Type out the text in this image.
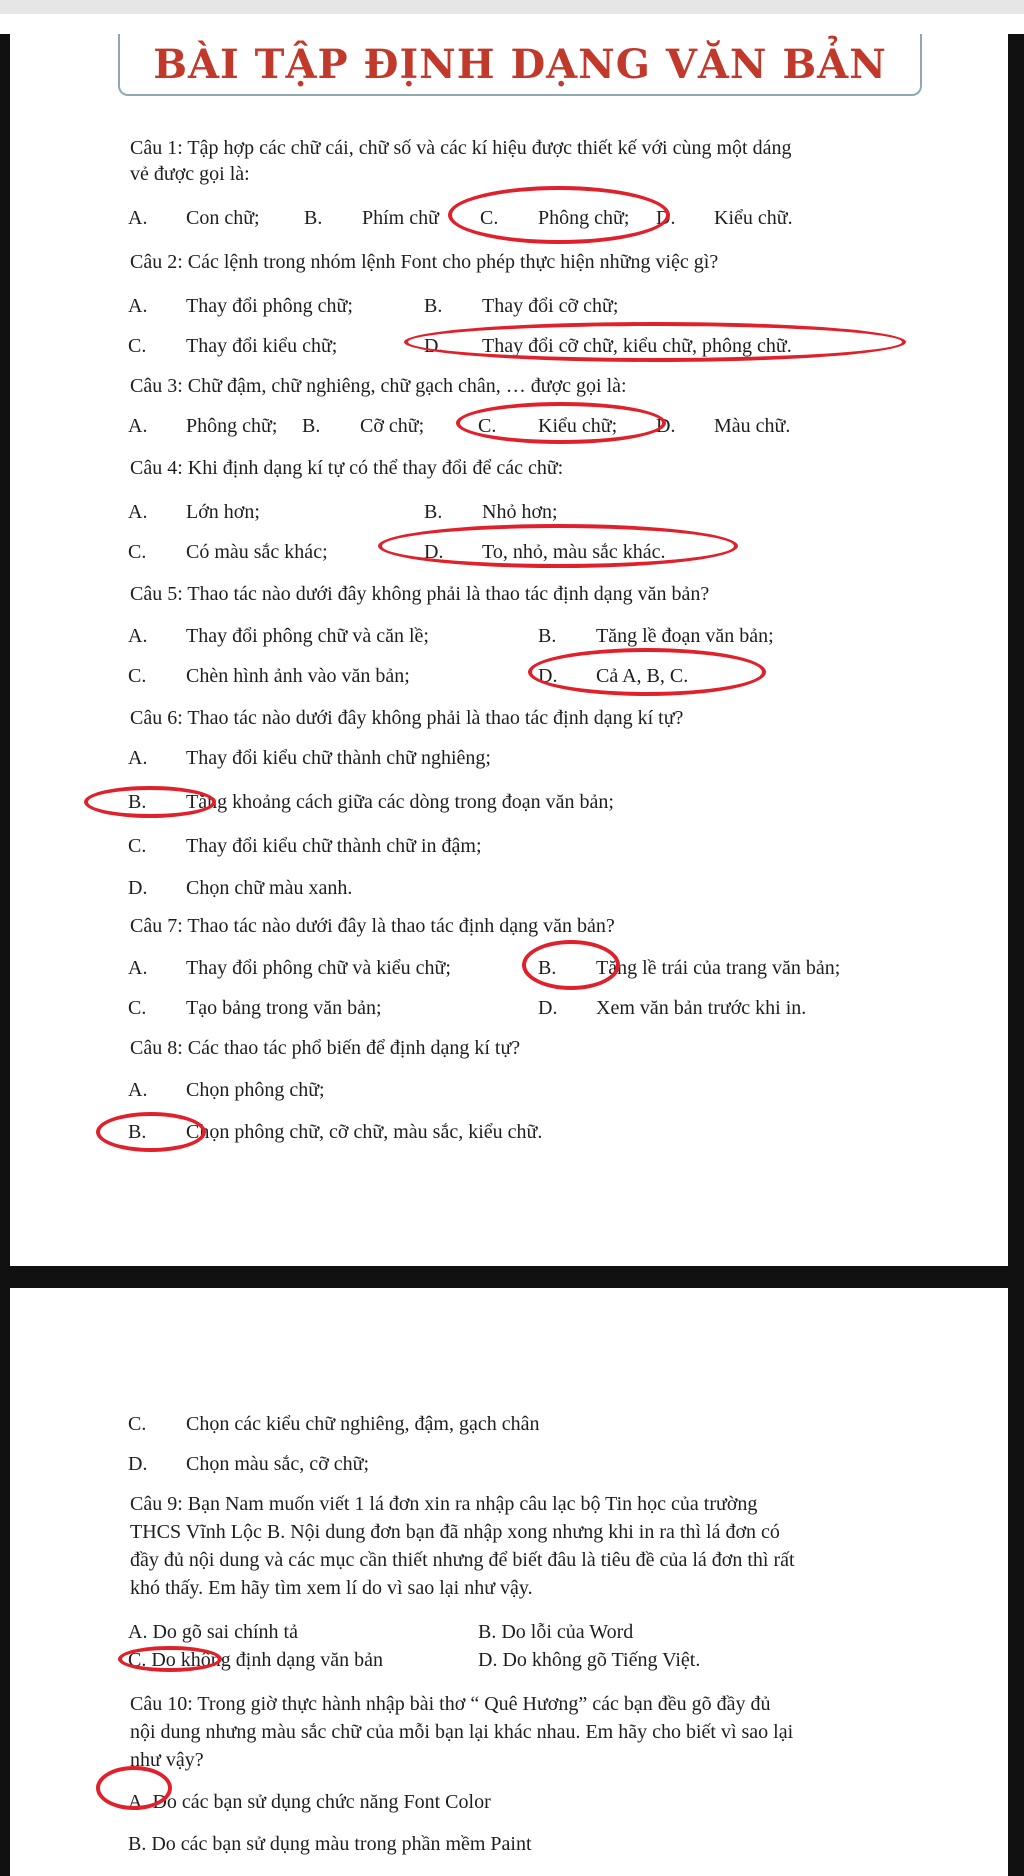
BÀI TẬP ĐỊNH DẠNG VĂN BẢN
Câu 1: Tập hợp các chữ cái, chữ số và các kí hiệu được thiết kế với cùng một dáng
vẻ được gọi là:
A. Con chữ; B. Phím chữ C. Phông chữ; D. Kiểu chữ.
Câu 2: Các lệnh trong nhóm lệnh Font cho phép thực hiện những việc gì?
A. Thay đổi phông chữ;	B. Thay đổi cỡ chữ;
C. Thay đổi kiểu chữ;	D. Thay đổi cỡ chữ, kiểu chữ, phông chữ.
Câu 3: Chữ đậm, chữ nghiêng, chữ gạch chân, … được gọi là:
A. Phông chữ; B. Cỡ chữ;	C. Kiểu chữ; D. Màu chữ.
Câu 4: Khi định dạng kí tự có thể thay đổi để các chữ:
A. Lớn hơn;	B. Nhỏ hơn;
C. Có màu sắc khác;	D. To, nhỏ, màu sắc khác.
Câu 5: Thao tác nào dưới đây không phải là thao tác định dạng văn bản?
A. Thay đổi phông chữ và căn lề;	B. Tăng lề đoạn văn bản;
C. Chèn hình ảnh vào văn bản;	D. Cả A, B, C.
Câu 6: Thao tác nào dưới đây không phải là thao tác định dạng kí tự?
A. Thay đổi kiểu chữ thành chữ nghiêng;
B. Tăng khoảng cách giữa các dòng trong đoạn văn bản;
C. Thay đổi kiểu chữ thành chữ in đậm;
D. Chọn chữ màu xanh.
Câu 7: Thao tác nào dưới đây là thao tác định dạng văn bản?
A. Thay đổi phông chữ và kiểu chữ;	B. Tăng lề trái của trang văn bản;
C. Tạo bảng trong văn bản;	D. Xem văn bản trước khi in.
Câu 8: Các thao tác phổ biến để định dạng kí tự?
A. Chọn phông chữ;
B. Chọn phông chữ, cỡ chữ, màu sắc, kiểu chữ.
C. Chọn các kiểu chữ nghiêng, đậm, gạch chân
D. Chọn màu sắc, cỡ chữ;
Câu 9: Bạn Nam muốn viết 1 lá đơn xin ra nhập câu lạc bộ Tin học của trường
THCS Vĩnh Lộc B. Nội dung đơn bạn đã nhập xong nhưng khi in ra thì lá đơn có
đầy đủ nội dung và các mục cần thiết nhưng để biết đâu là tiêu đề của lá đơn thì rất
khó thấy. Em hãy tìm xem lí do vì sao lại như vậy.
A. Do gõ sai chính tả	B. Do lỗi của Word
C. Do không định dạng văn bản	D. Do không gõ Tiếng Việt.
Câu 10: Trong giờ thực hành nhập bài thơ “ Quê Hương” các bạn đều gõ đầy đủ
nội dung nhưng màu sắc chữ của mỗi bạn lại khác nhau. Em hãy cho biết vì sao lại
như vậy?
A. Do các bạn sử dụng chức năng Font Color
B. Do các bạn sử dụng màu trong phần mềm Paint
